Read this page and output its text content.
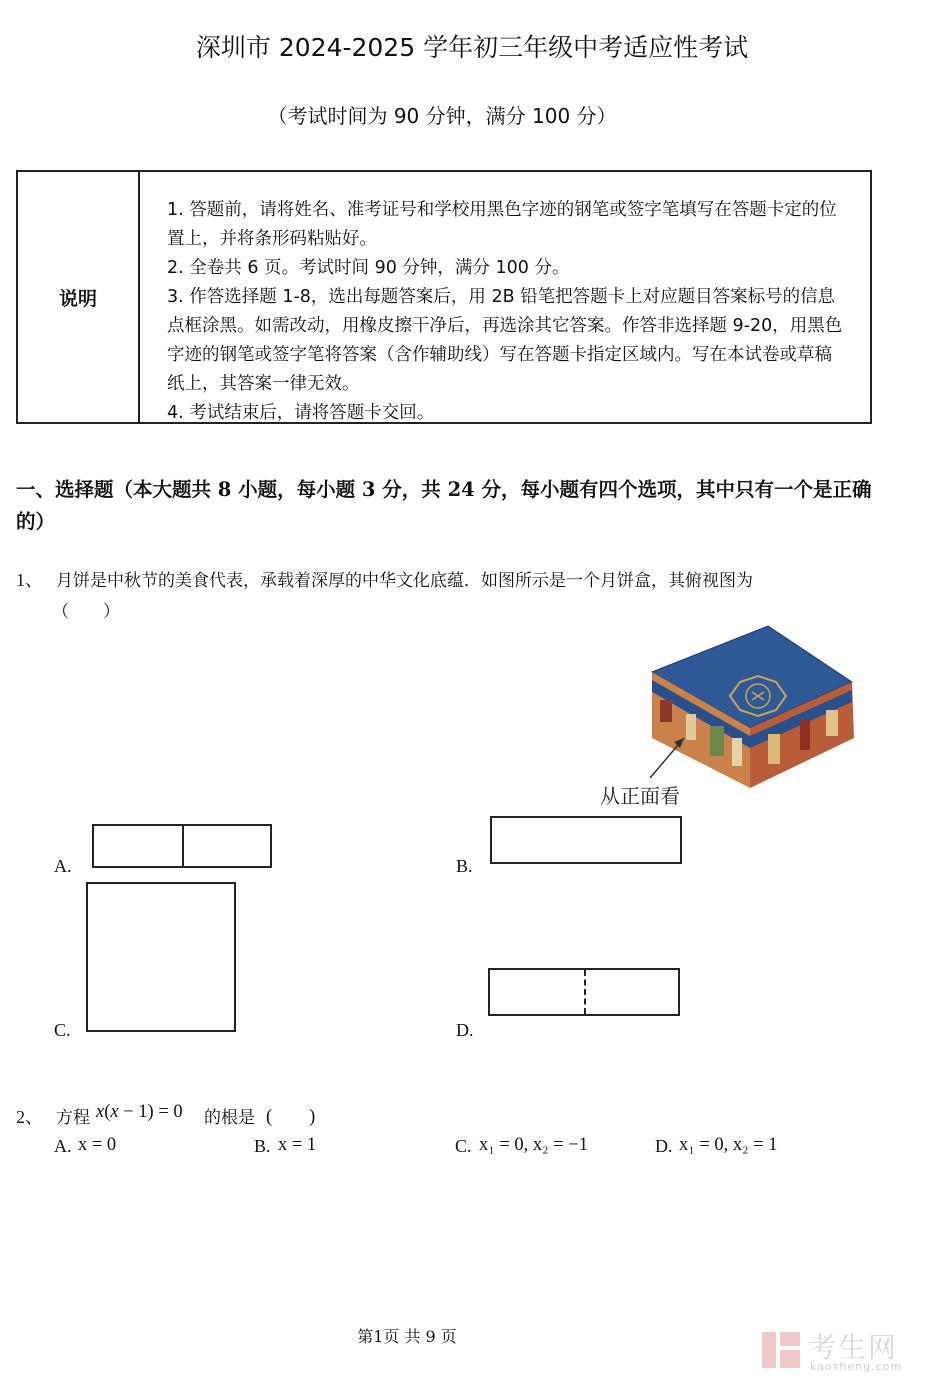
深圳市 2024-2025 学年初三年级中考适应性考试
（考试时间为 90 分钟，满分 100 分）
说明

1. 答题前，请将姓名、准考证号和学校用黑色字迹的钢笔或签字笔填写在答题卡定的位置上，并将条形码粘贴好。

2. 全卷共 6 页。考试时间 90 分钟，满分 100 分。

3. 作答选择题 1-8，选出每题答案后，用 2B 铅笔把答题卡上对应题目答案标号的信息点框涂黑。如需改动，用橡皮擦干净后，再选涂其它答案。作答非选择题 9-20，用黑色字迹的钢笔或签字笔将答案（含作辅助线）写在答题卡指定区域内。写在本试卷或草稿纸上，其答案一律无效。

4. 考试结束后，请将答题卡交回。

一、选择题（本大题共 8 小题，每小题 3 分，共 24 分，每小题有四个选项，其中只有一个是正确的）
1、 月饼是中秋节的美食代表，承载着深厚的中华文化底蕴．如图所示是一个月饼盒，其俯视图为
（　　）
从正面看
A.	B.
C.	D.
2、 方程 x(x − 1) = 0 的根是 (　　)
A. x = 0	B. x = 1	C. x₁ = 0, x₂ = −1	D. x₁ = 0, x₂ = 1
第1页 共 9 页	考生网
kaosheng.com
